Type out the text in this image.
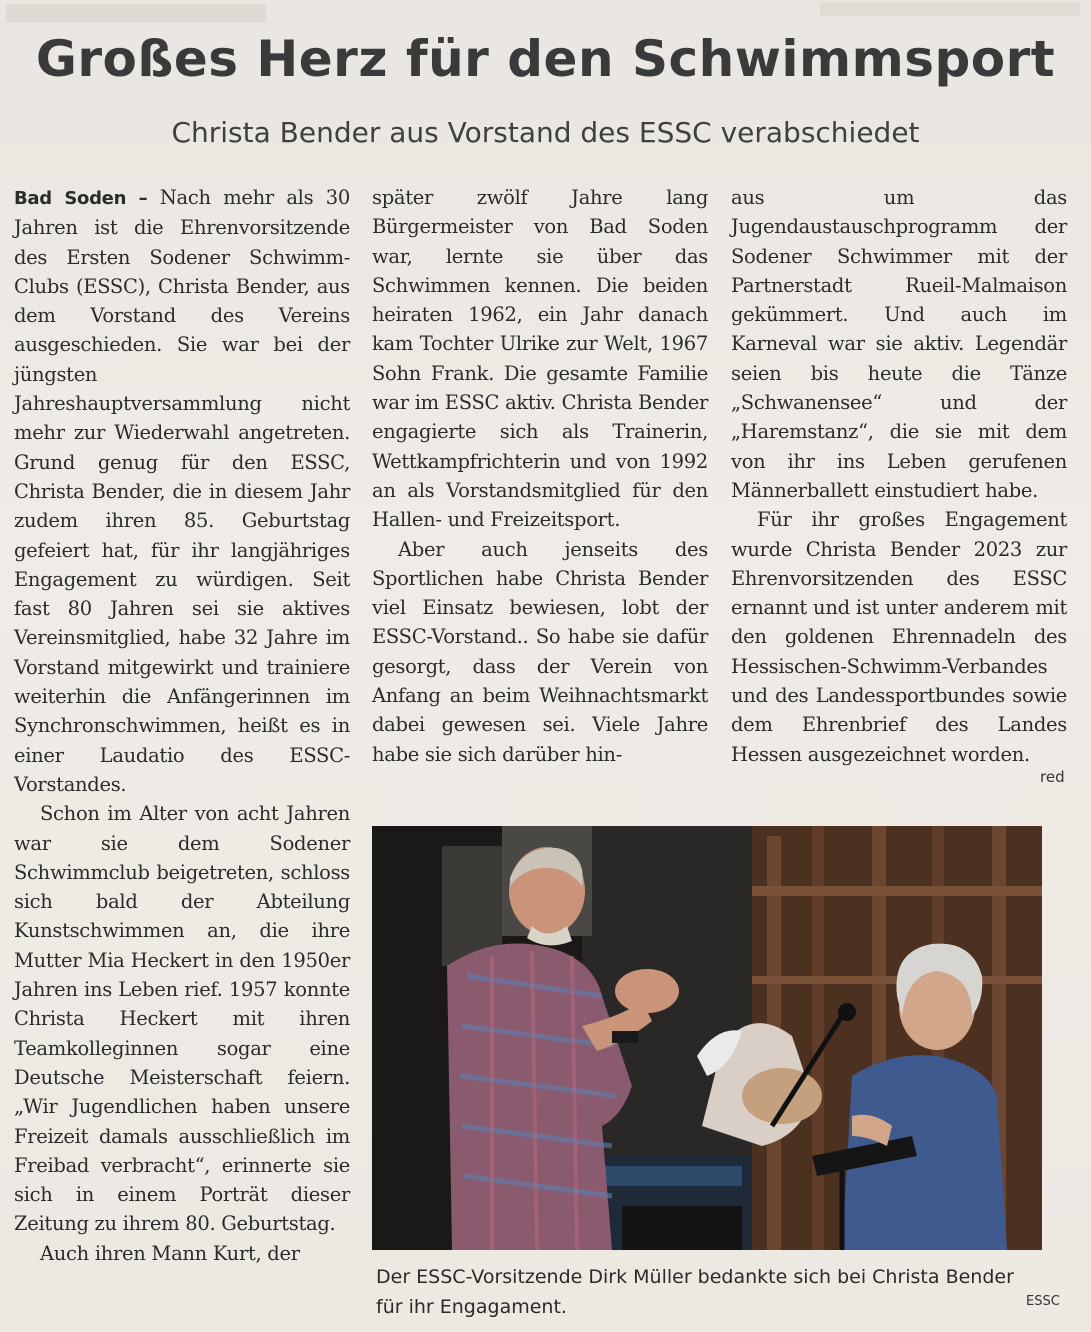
Großes Herz für den Schwimmsport
Christa Bender aus Vorstand des ESSC verabschiedet

Bad Soden – Nach mehr als 30 Jahren ist die Ehrenvorsitzende des Ersten Sodener Schwimm-Clubs (ESSC), Christa Bender, aus dem Vorstand des Vereins ausgeschieden. Sie war bei der jüngsten Jahreshauptversammlung nicht mehr zur Wiederwahl angetreten. Grund genug für den ESSC, Christa Bender, die in diesem Jahr zudem ihren 85. Geburtstag gefeiert hat, für ihr langjähriges Engagement zu würdigen. Seit fast 80 Jahren sei sie aktives Vereinsmitglied, habe 32 Jahre im Vorstand mitgewirkt und trainiere weiterhin die Anfängerinnen im Synchronschwimmen, heißt es in einer Laudatio des ESSC-Vorstandes.

Schon im Alter von acht Jahren war sie dem Sodener Schwimmclub beigetreten, schloss sich bald der Abteilung Kunstschwimmen an, die ihre Mutter Mia Heckert in den 1950er Jahren ins Leben rief. 1957 konnte Christa Heckert mit ihren Teamkolleginnen sogar eine Deutsche Meisterschaft feiern. „Wir Jugendlichen haben unsere Freizeit damals ausschließlich im Freibad verbracht“, erinnerte sie sich in einem Porträt dieser Zeitung zu ihrem 80. Geburtstag.

Auch ihren Mann Kurt, der

später zwölf Jahre lang Bürgermeister von Bad Soden war, lernte sie über das Schwimmen kennen. Die beiden heiraten 1962, ein Jahr danach kam Tochter Ulrike zur Welt, 1967 Sohn Frank. Die gesamte Familie war im ESSC aktiv. Christa Bender engagierte sich als Trainerin, Wettkampfrichterin und von 1992 an als Vorstandsmitglied für den Hallen- und Freizeitsport.

Aber auch jenseits des Sportlichen habe Christa Bender viel Einsatz bewiesen, lobt der ESSC-Vorstand.. So habe sie dafür gesorgt, dass der Verein von Anfang an beim Weihnachtsmarkt dabei gewesen sei. Viele Jahre habe sie sich darüber hin-

aus um das Jugendaustauschprogramm der Sodener Schwimmer mit der Partnerstadt Rueil-Malmaison gekümmert. Und auch im Karneval war sie aktiv. Legendär seien bis heute die Tänze „Schwanensee“ und der „Haremstanz“, die sie mit dem von ihr ins Leben gerufenen Männerballett einstudiert habe.

Für ihr großes Engagement wurde Christa Bender 2023 zur Ehrenvorsitzenden des ESSC ernannt und ist unter anderem mit den goldenen Ehrennadeln des Hessischen-Schwimm-Verbandes und des Landessportbundes sowie dem Ehrenbrief des Landes Hessen ausgezeichnet worden.

red
Der ESSC-Vorsitzende Dirk Müller bedankte sich bei Christa Bender für ihr Engagament.	ESSC
